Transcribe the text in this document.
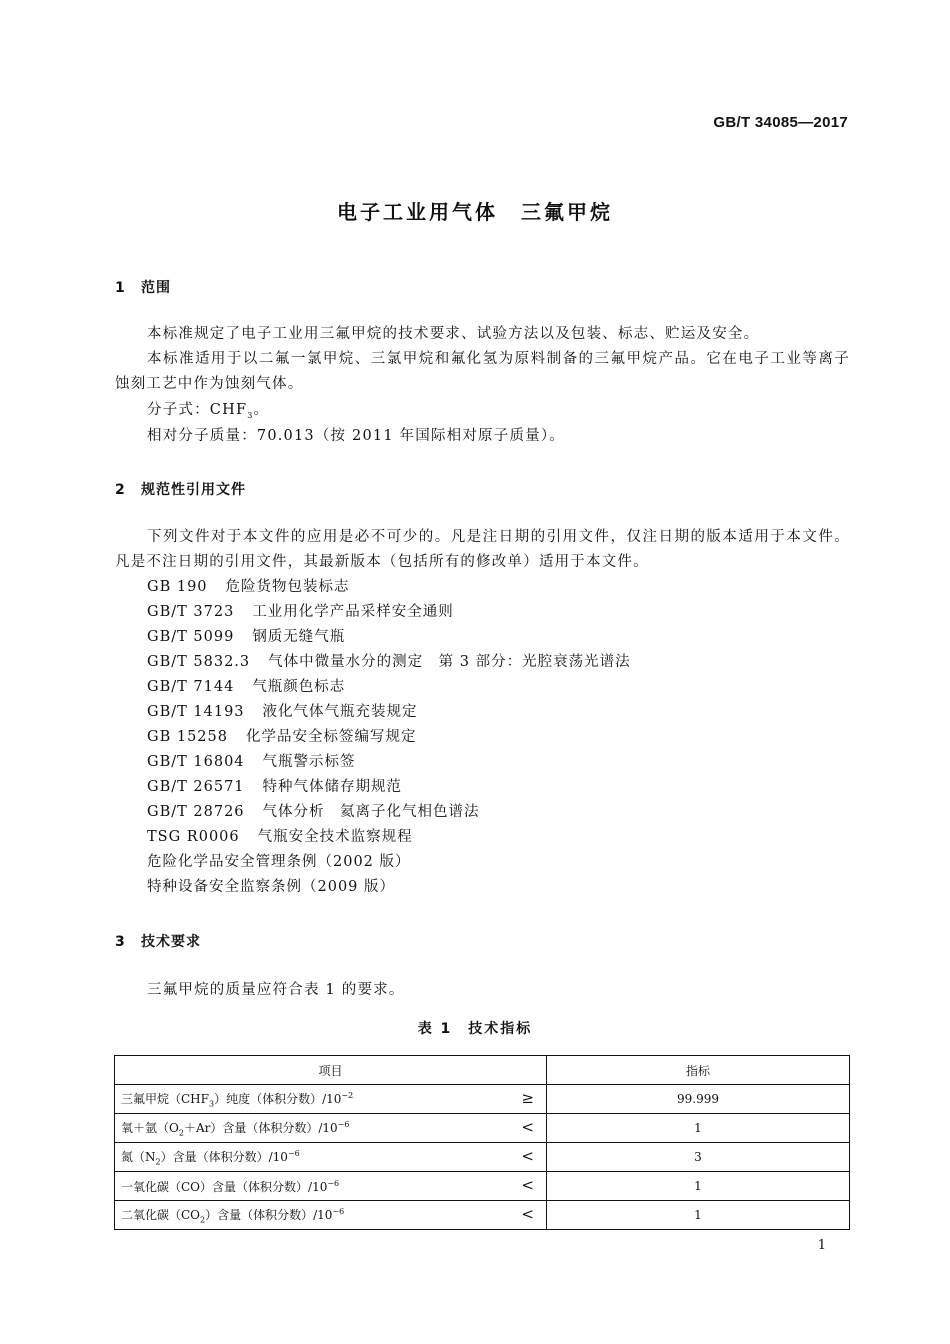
GB/T 34085—2017
电子工业用气体　三氟甲烷
1 范围
本标准规定了电子工业用三氟甲烷的技术要求、试验方法以及包装、标志、贮运及安全。
本标准适用于以二氟一氯甲烷、三氯甲烷和氟化氢为原料制备的三氟甲烷产品。它在电子工业等离子蚀刻工艺中作为蚀刻气体。
分子式：$CHF_3$。
相对分子质量：70.013（按 2011 年国际相对原子质量）。
2 规范性引用文件
下列文件对于本文件的应用是必不可少的。凡是注日期的引用文件，仅注日期的版本适用于本文件。凡是不注日期的引用文件，其最新版本（包括所有的修改单）适用于本文件。
GB 190 危险货物包装标志
GB/T 3723 工业用化学产品采样安全通则
GB/T 5099 钢质无缝气瓶
GB/T 5832.3 气体中微量水分的测定　第 3 部分：光腔衰荡光谱法
GB/T 7144 气瓶颜色标志
GB/T 14193 液化气体气瓶充装规定
GB 15258 化学品安全标签编写规定
GB/T 16804 气瓶警示标签
GB/T 26571 特种气体储存期规范
GB/T 28726 气体分析　氦离子化气相色谱法
TSG R0006 气瓶安全技术监察规程
危险化学品安全管理条例（2002 版）
特种设备安全监察条例（2009 版）
3 技术要求
三氟甲烷的质量应符合表 1 的要求。
表 1　技术指标
项目	指标
三氟甲烷$(CHF_3)$纯度（体积分数）$/10^{-2}$ ≥	99.999
氧＋氩$(O_2+Ar)$含量（体积分数）$/10^{-6}$ <	1
氮$(N_2)$含量（体积分数）$/10^{-6}$ <	3
一氧化碳（CO）含量（体积分数）$/10^{-6}$ <	1
二氧化碳$(CO_2)$含量（体积分数）$/10^{-6}$ <	1
1
